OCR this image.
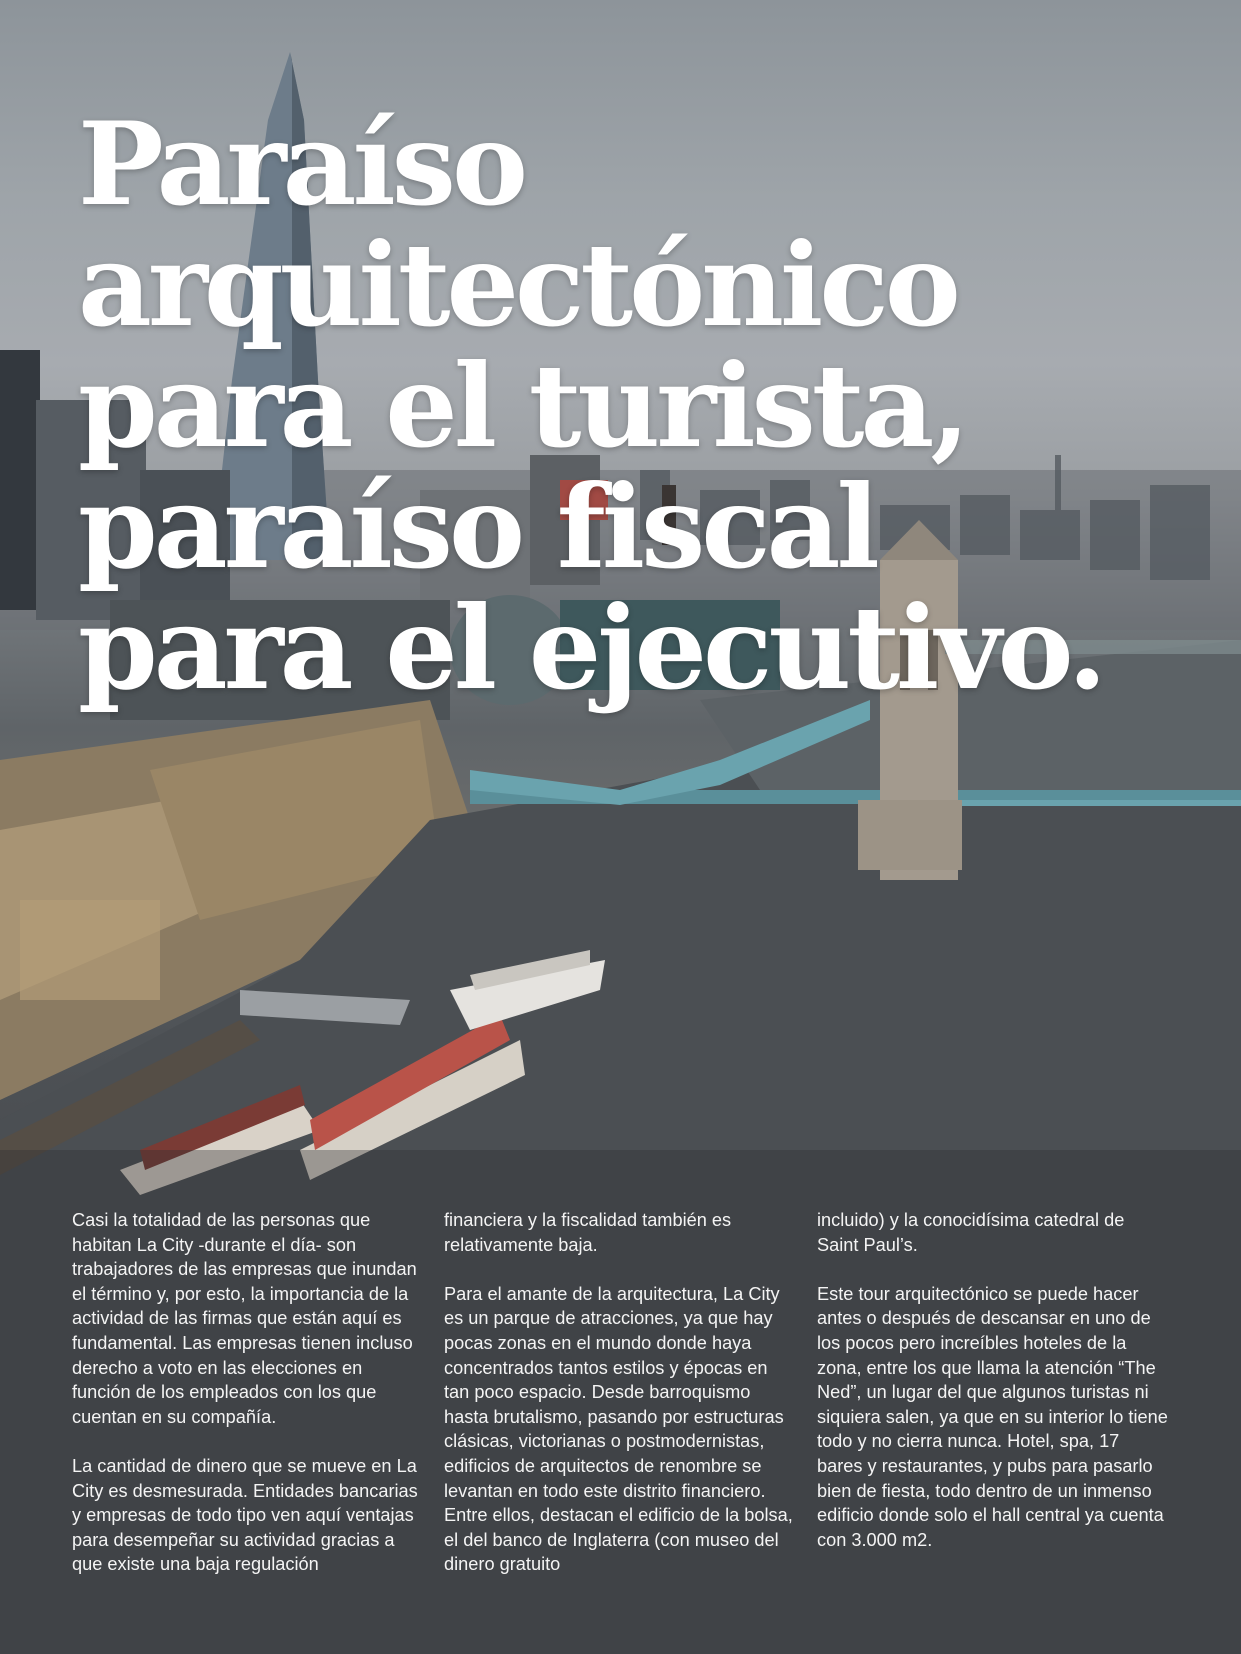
Paraíso
arquitectónico
para el turista,
paraíso fiscal
para el ejecutivo.

Casi la totalidad de las personas que habitan La City -durante el día- son trabajadores de las empresas que inundan el término y, por esto, la importancia de la actividad de las firmas que están aquí es fundamental. Las empresas tienen incluso derecho a voto en las elecciones en función de los empleados con los que cuentan en su compañía.

La cantidad de dinero que se mueve en La City es desmesurada. Entidades bancarias y empresas de todo tipo ven aquí ventajas para desempeñar su actividad gracias a que existe una baja regulación

financiera y la fiscalidad también es relativamente baja.

Para el amante de la arquitectura, La City es un parque de atracciones, ya que hay pocas zonas en el mundo donde haya concentrados tantos estilos y épocas en tan poco espacio. Desde barroquismo hasta brutalismo, pasando por estructuras clásicas, victorianas o postmodernistas, edificios de arquitectos de renombre se levantan en todo este distrito financiero. Entre ellos, destacan el edificio de la bolsa, el del banco de Inglaterra (con museo del dinero gratuito

incluido) y la conocidísima catedral de Saint Paul’s.

Este tour arquitectónico se puede hacer antes o después de descansar en uno de los pocos pero increíbles hoteles de la zona, entre los que llama la atención “The Ned”, un lugar del que algunos turistas ni siquiera salen, ya que en su interior lo tiene todo y no cierra nunca. Hotel, spa, 17 bares y restaurantes, y pubs para pasarlo bien de fiesta, todo dentro de un inmenso edificio donde solo el hall central ya cuenta con 3.000 m2.
